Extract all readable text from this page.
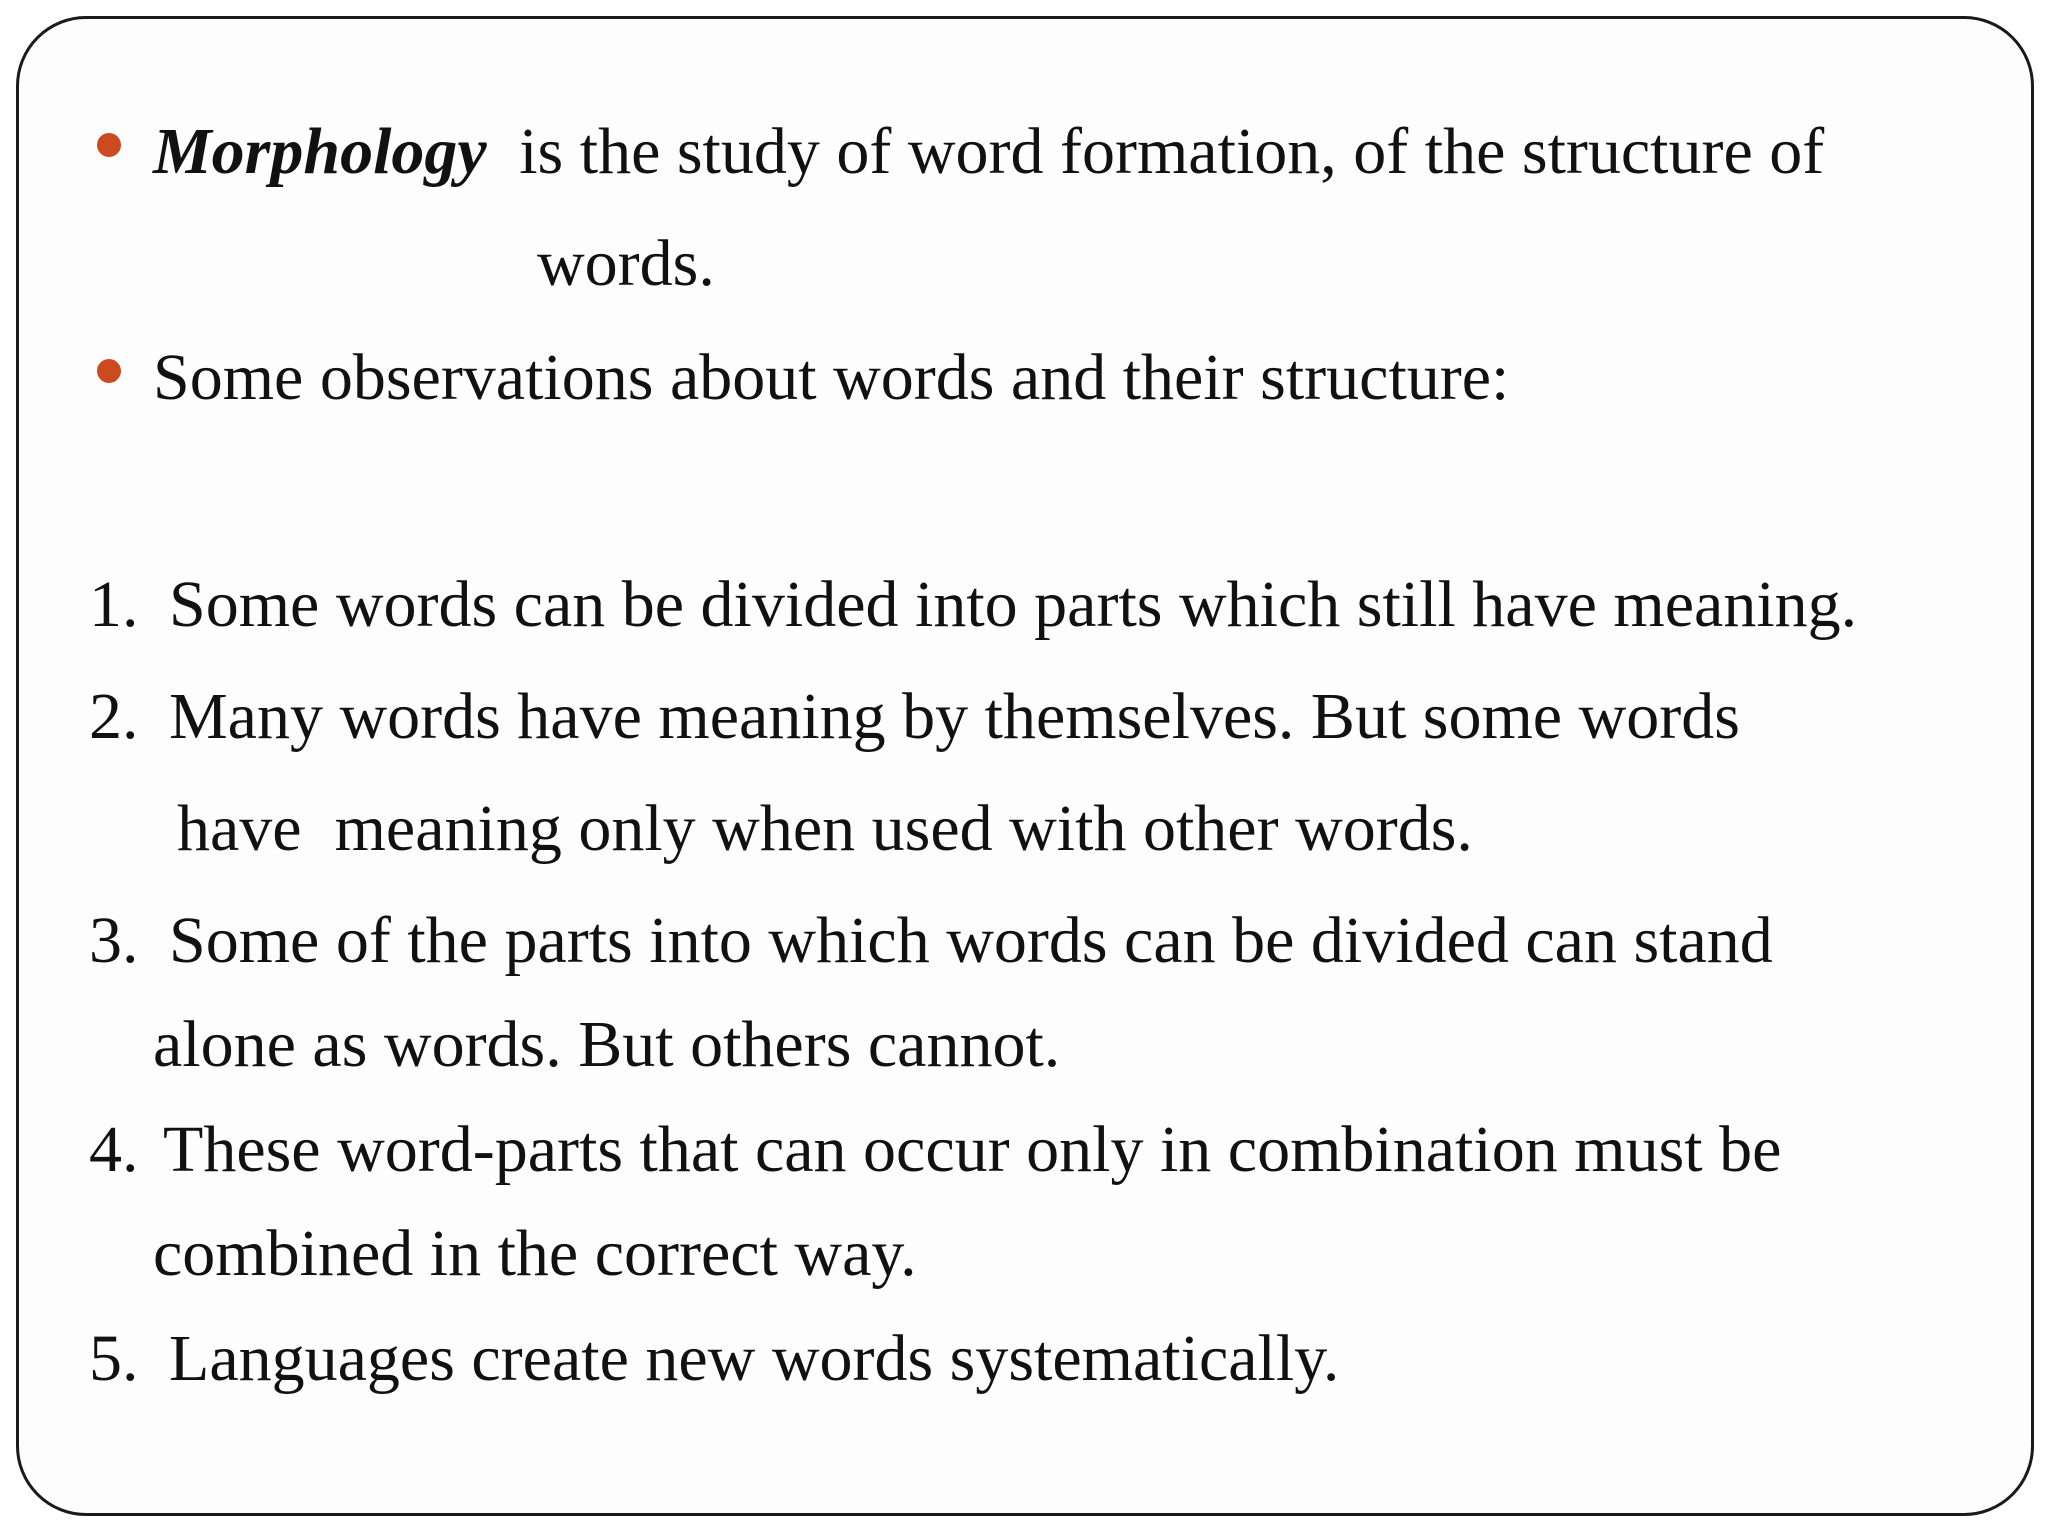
Morphology is the study of word formation, of the structure of
words.
Some observations about words and their structure:
1. Some words can be divided into parts which still have meaning.
2. Many words have meaning by themselves. But some words
have  meaning only when used with other words.
3. Some of the parts into which words can be divided can stand
alone as words. But others cannot.
4. These word-parts that can occur only in combination must be
combined in the correct way.
5. Languages create new words systematically.
